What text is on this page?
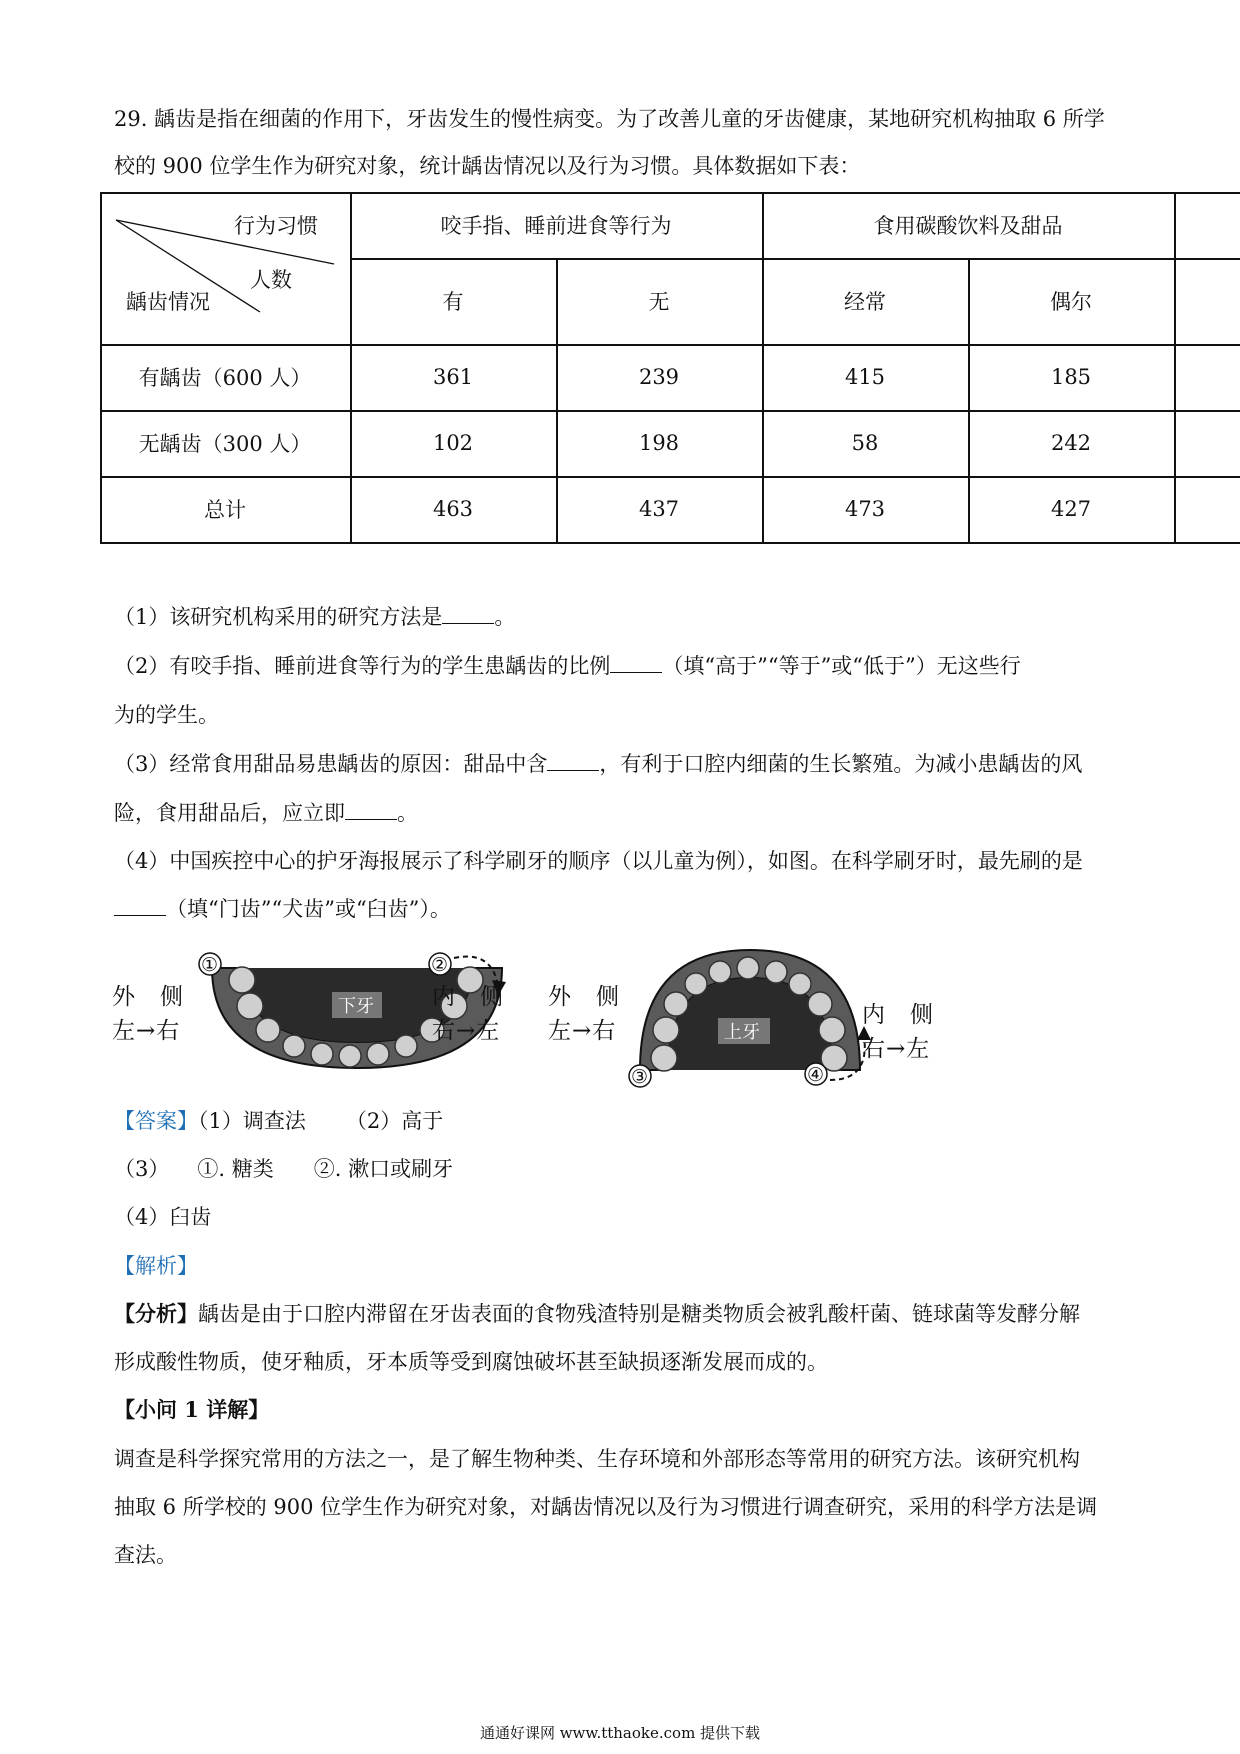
29. 龋齿是指在细菌的作用下，牙齿发生的慢性病变。为了改善儿童的牙齿健康，某地研究机构抽取 6 所学
校的 900 位学生作为研究对象，统计龋齿情况以及行为习惯。具体数据如下表：
行为习惯
人数
龋齿情况
咬手指、睡前进食等行为	食用碳酸饮料及甜品
有	无	经常	偶尔
有龋齿（600 人）	361	239	415	185
无龋齿（300 人）	102	198	58	242
总计	463	437	473	427
（1）该研究机构采用的研究方法是 。
（2）有咬手指、睡前进食等行为的学生患龋齿的比例 （填“高于”“等于”或“低于”）无这些行
为的学生。
（3）经常食用甜品易患龋齿的原因：甜品中含 ，有利于口腔内细菌的生长繁殖。为减小患龋齿的风
险，食用甜品后，应立即 。
（4）中国疾控中心的护牙海报展示了科学刷牙的顺序（以儿童为例），如图。在科学刷牙时，最先刷的是
（填“门齿”“犬齿”或“臼齿”）。
外　侧
左→右
下牙
①	②
内　侧
右→左
外　侧
左→右	上牙
③	④
内　侧
右→左
【答案】（1）调查法 （2）高于
（3） ①. 糖类 ②. 漱口或刷牙
（4）臼齿
【解析】
【分析】龋齿是由于口腔内滞留在牙齿表面的食物残渣特别是糖类物质会被乳酸杆菌、链球菌等发酵分解
形成酸性物质，使牙釉质，牙本质等受到腐蚀破坏甚至缺损逐渐发展而成的。
【小问 1 详解】
调查是科学探究常用的方法之一，是了解生物种类、生存环境和外部形态等常用的研究方法。该研究机构
抽取 6 所学校的 900 位学生作为研究对象，对龋齿情况以及行为习惯进行调查研究，采用的科学方法是调
查法。
通通好课网 www.tthaoke.com 提供下载
